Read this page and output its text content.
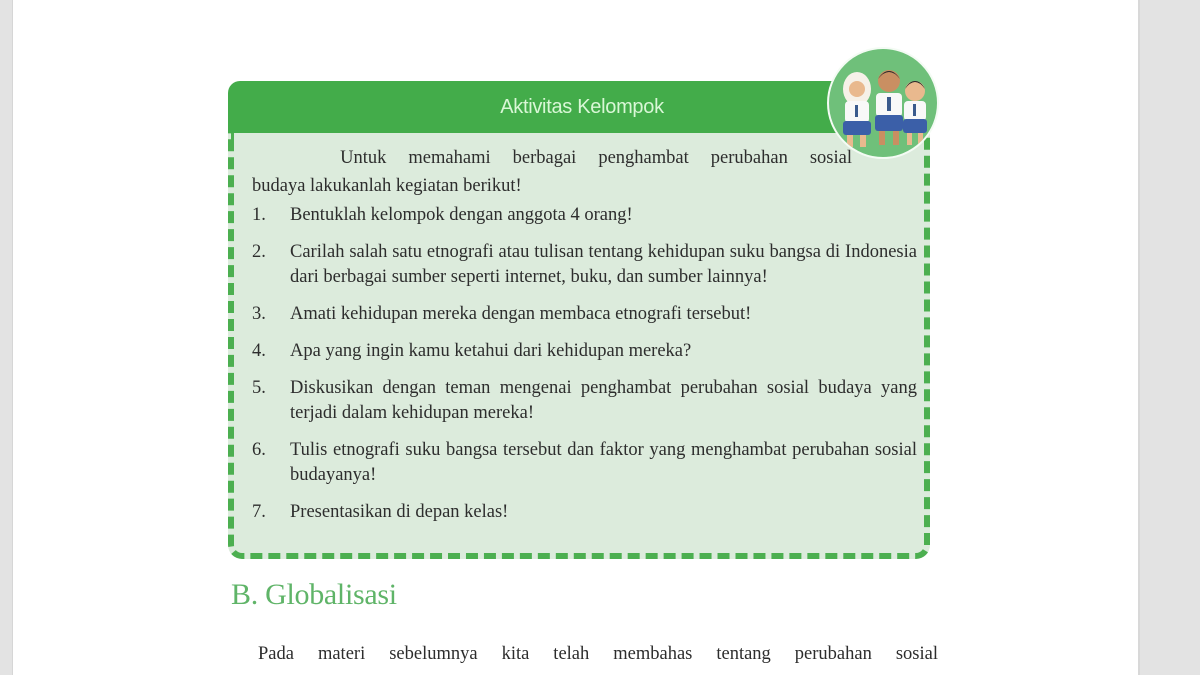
Aktivitas Kelompok
Untuk memahami berbagai penghambat perubahan sosial
budaya lakukanlah kegiatan berikut!
1.	Bentuklah kelompok dengan anggota 4 orang!
2.	Carilah salah satu etnografi atau tulisan tentang kehidupan suku bangsa di Indonesia dari berbagai sumber seperti internet, buku, dan sumber lainnya!
3.	Amati kehidupan mereka dengan membaca etnografi tersebut!
4.	Apa yang ingin kamu ketahui dari kehidupan mereka?
5.	Diskusikan dengan teman mengenai penghambat perubahan sosial budaya yang terjadi dalam kehidupan mereka!
6.	Tulis etnografi suku bangsa tersebut dan faktor yang menghambat perubahan sosial budayanya!
7.	Presentasikan di depan kelas!
B. Globalisasi
Pada materi sebelumnya kita telah membahas tentang perubahan sosial
